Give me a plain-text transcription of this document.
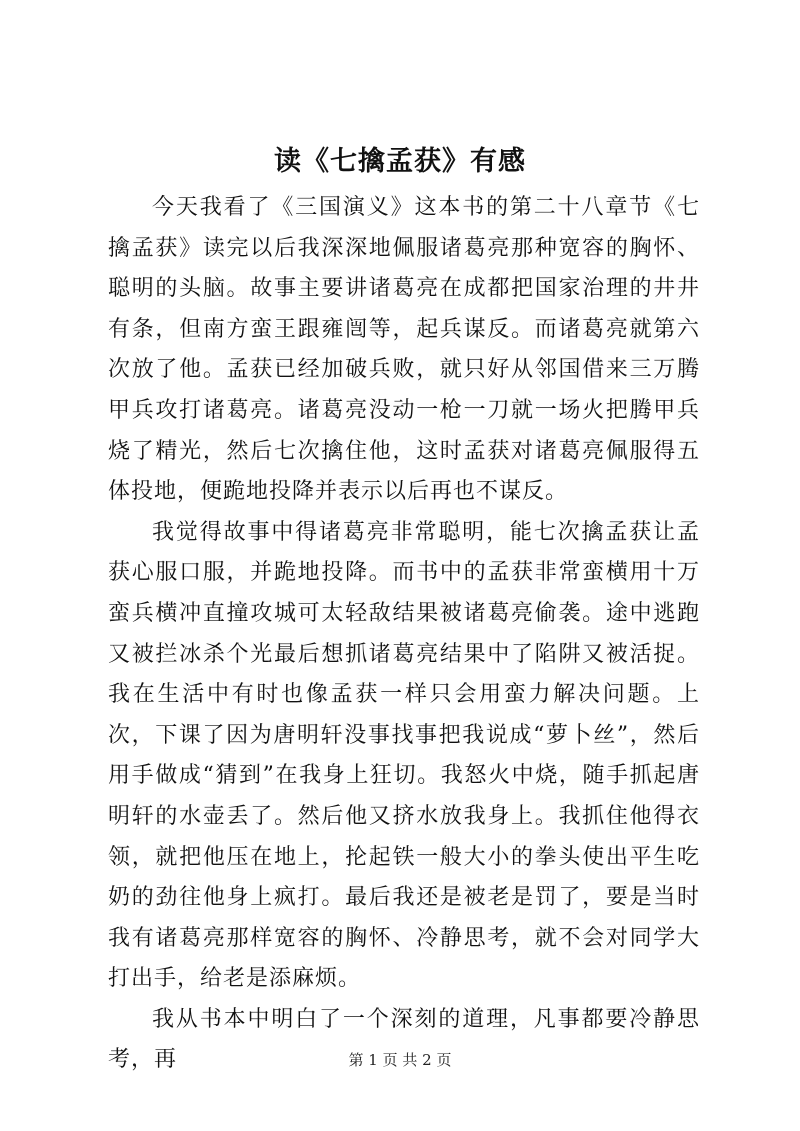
读《七擒孟获》有感

今天我看了《三国演义》这本书的第二十八章节《七擒孟获》读完以后我深深地佩服诸葛亮那种宽容的胸怀、聪明的头脑。故事主要讲诸葛亮在成都把国家治理的井井有条，但南方蛮王跟雍闿等，起兵谋反。而诸葛亮就第六次放了他。孟获已经加破兵败，就只好从邻国借来三万腾甲兵攻打诸葛亮。诸葛亮没动一枪一刀就一场火把腾甲兵烧了精光，然后七次擒住他，这时孟获对诸葛亮佩服得五体投地，便跪地投降并表示以后再也不谋反。

我觉得故事中得诸葛亮非常聪明，能七次擒孟获让孟获心服口服，并跪地投降。而书中的孟获非常蛮横用十万蛮兵横冲直撞攻城可太轻敌结果被诸葛亮偷袭。途中逃跑又被拦冰杀个光最后想抓诸葛亮结果中了陷阱又被活捉。我在生活中有时也像孟获一样只会用蛮力解决问题。上次，下课了因为唐明轩没事找事把我说成“萝卜丝”，然后用手做成“猜到”在我身上狂切。我怒火中烧，随手抓起唐明轩的水壶丢了。然后他又挤水放我身上。我抓住他得衣领，就把他压在地上，抡起铁一般大小的拳头使出平生吃奶的劲往他身上疯打。最后我还是被老是罚了，要是当时我有诸葛亮那样宽容的胸怀、冷静思考，就不会对同学大打出手，给老是添麻烦。

我从书本中明白了一个深刻的道理，凡事都要冷静思考，再	第 1 页 共 2 页
